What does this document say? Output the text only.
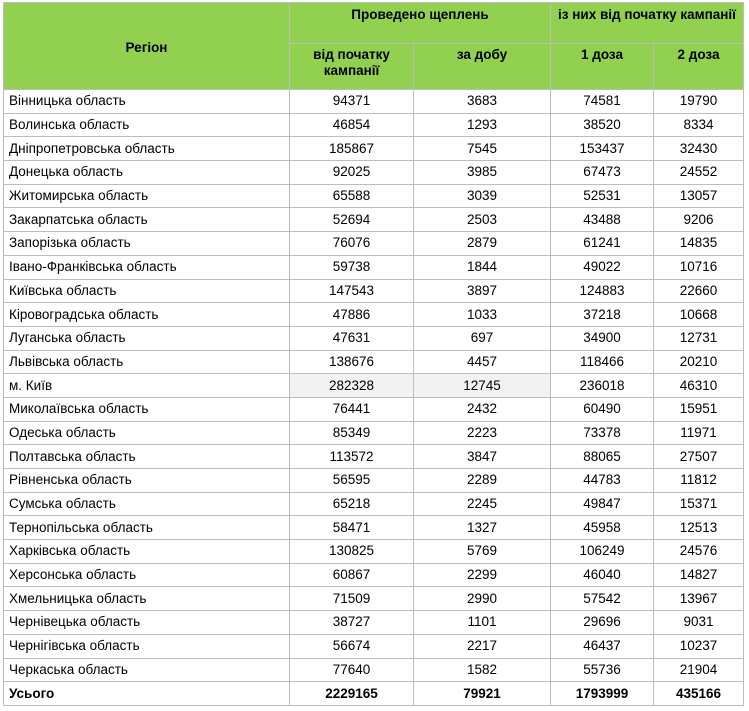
Регіон	Проведено щеплень		із них від початку кампанії	
	від початку кампанії	за добу	1 доза	2 доза
Вінницька область	94371	3683	74581	19790
Волинська область	46854	1293	38520	8334
Дніпропетровська область	185867	7545	153437	32430
Донецька область	92025	3985	67473	24552
Житомирська область	65588	3039	52531	13057
Закарпатська область	52694	2503	43488	9206
Запорізька область	76076	2879	61241	14835
Івано-Франківська область	59738	1844	49022	10716
Київська область	147543	3897	124883	22660
Кіровоградська область	47886	1033	37218	10668
Луганська область	47631	697	34900	12731
Львівська область	138676	4457	118466	20210
м. Київ	282328	12745	236018	46310
Миколаївська область	76441	2432	60490	15951
Одеська область	85349	2223	73378	11971
Полтавська область	113572	3847	88065	27507
Рівненська область	56595	2289	44783	11812
Сумська область	65218	2245	49847	15371
Тернопільська область	58471	1327	45958	12513
Харківська область	130825	5769	106249	24576
Херсонська область	60867	2299	46040	14827
Хмельницька область	71509	2990	57542	13967
Чернівецька область	38727	1101	29696	9031
Чернігівська область	56674	2217	46437	10237
Черкаська область	77640	1582	55736	21904
Усього	2229165	79921	1793999	435166
